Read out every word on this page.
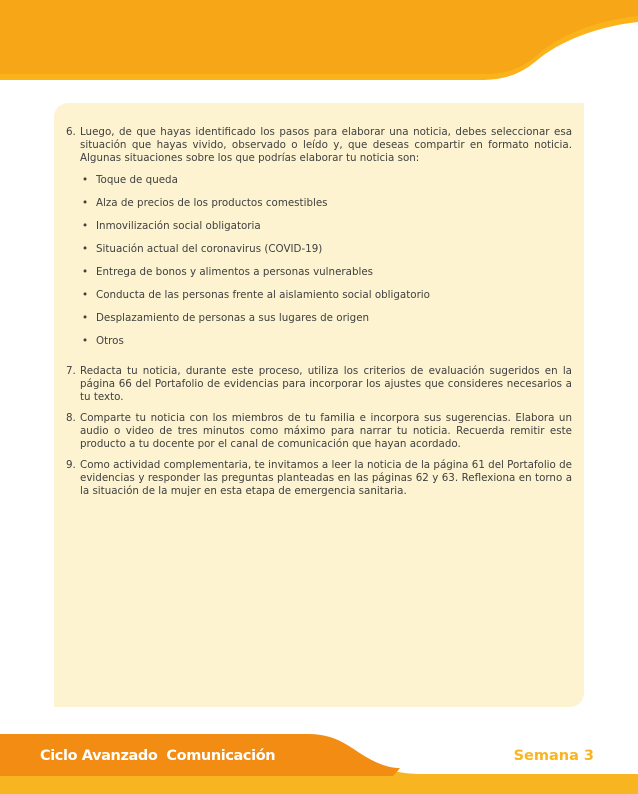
6. Luego, de que hayas identificado los pasos para elaborar una noticia, debes seleccionar esa situación que hayas vivido, observado o leído y, que deseas compartir en formato noticia. Algunas situaciones sobre los que podrías elaborar tu noticia son:
• Toque de queda
• Alza de precios de los productos comestibles
• Inmovilización social obligatoria
• Situación actual del coronavirus (COVID-19)
• Entrega de bonos y alimentos a personas vulnerables
• Conducta de las personas frente al aislamiento social obligatorio
• Desplazamiento de personas a sus lugares de origen
• Otros
7. Redacta tu noticia, durante este proceso, utiliza los criterios de evaluación sugeridos en la página 66 del Portafolio de evidencias para incorporar los ajustes que consideres necesarios a tu texto.
8. Comparte tu noticia con los miembros de tu familia e incorpora sus sugerencias. Elabora un audio o video de tres minutos como máximo para narrar tu noticia. Recuerda remitir este producto a tu docente por el canal de comunicación que hayan acordado.
9. Como actividad complementaria, te invitamos a leer la noticia de la página 61 del Portafolio de evidencias y responder las preguntas planteadas en las páginas 62 y 63. Reflexiona en torno a la situación de la mujer en esta etapa de emergencia sanitaria.
Ciclo Avanzado Comunicación	Semana 3
